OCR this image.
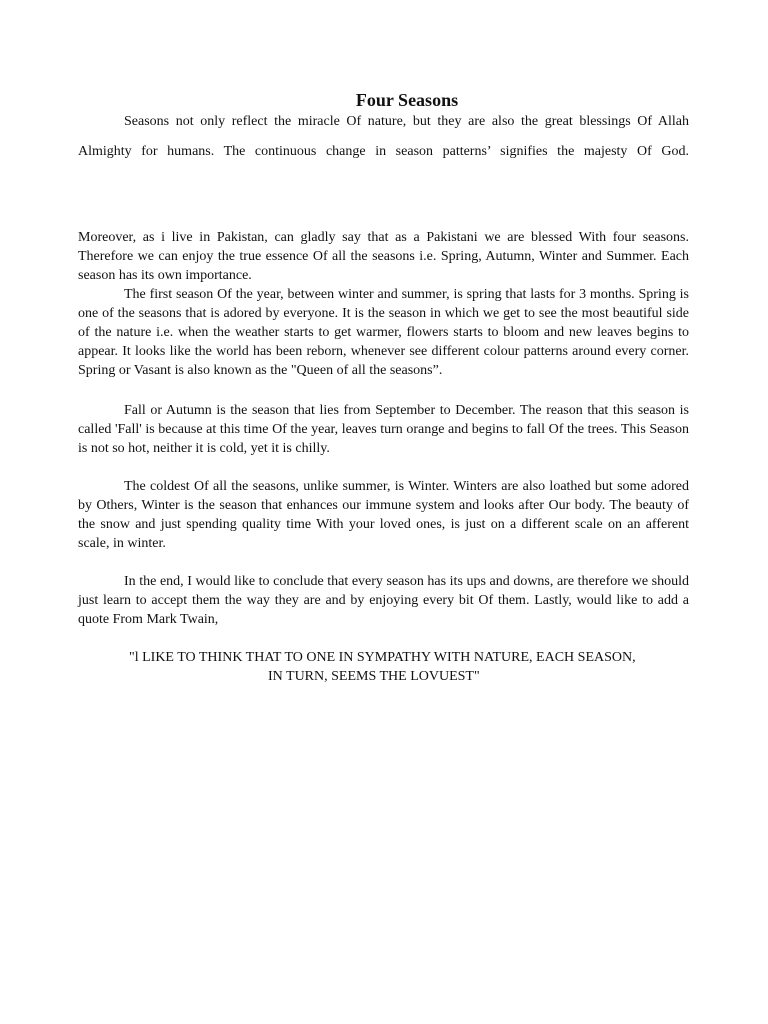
Four Seasons

Seasons not only reflect the miracle Of nature, but they are also the great blessings Of Allah
Almighty for humans. The continuous change in season patterns’ signifies the majesty Of God.

Moreover, as i live in Pakistan, can gladly say that as a Pakistani we are blessed With four seasons. Therefore we can enjoy the true essence Of all the seasons i.e. Spring, Autumn, Winter and Summer. Each season has its own importance.

The first season Of the year, between winter and summer, is spring that lasts for 3 months. Spring is one of the seasons that is adored by everyone. It is the season in which we get to see the most beautiful side of the nature i.e. when the weather starts to get warmer, flowers starts to bloom and new leaves begins to appear. It looks like the world has been reborn, whenever see different colour patterns around every corner. Spring or Vasant is also known as the "Queen of all the seasons”.

Fall or Autumn is the season that lies from September to December. The reason that this season is called 'Fall' is because at this time Of the year, leaves turn orange and begins to fall Of the trees. This Season is not so hot, neither it is cold, yet it is chilly.

The coldest Of all the seasons, unlike summer, is Winter. Winters are also loathed but some adored by Others, Winter is the season that enhances our immune system and looks after Our body. The beauty of the snow and just spending quality time With your loved ones, is just on a different scale on an afferent scale, in winter.

In the end, I would like to conclude that every season has its ups and downs, are therefore we should just learn to accept them the way they are and by enjoying every bit Of them. Lastly, would like to add a quote From Mark Twain,

"l LIKE TO THINK THAT TO ONE IN SYMPATHY WITH NATURE, EACH SEASON,
IN TURN, SEEMS THE LOVUEST"
